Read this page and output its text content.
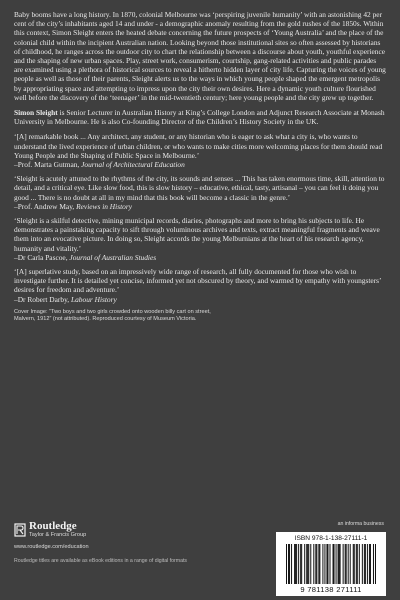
Baby booms have a long history. In 1870, colonial Melbourne was ‘perspiring juvenile humanity’ with an astonishing 42 per cent of the city’s inhabitants aged 14 and under - a demographic anomaly resulting from the gold rushes of the 1850s. Within this context, Simon Sleight enters the heated debate concerning the future prospects of ‘Young Australia’ and the place of the colonial child within the incipient Australian nation. Looking beyond those institutional sites so often assessed by historians of childhood, he ranges across the outdoor city to chart the relationship between a discourse about youth, youthful experience and the shaping of new urban spaces. Play, street work, consumerism, courtship, gang-related activities and public parades are examined using a plethora of historical sources to reveal a hitherto hidden layer of city life. Capturing the voices of young people as well as those of their parents, Sleight alerts us to the ways in which young people shaped the emergent metropolis by appropriating space and attempting to impress upon the city their own desires. Here a dynamic youth culture flourished well before the discovery of the ‘teenager’ in the mid-twentieth century; here young people and the city grew up together.

Simon Sleight is Senior Lecturer in Australian History at King’s College London and Adjunct Research Associate at Monash University in Melbourne. He is also Co-founding Director of the Children’s History Society in the UK.

‘[A] remarkable book ... Any architect, any student, or any historian who is eager to ask what a city is, who wants to understand the lived experience of urban children, or who wants to make cities more welcoming places for them should read Young People and the Shaping of Public Space in Melbourne.’
–Prof. Marta Gutman, Journal of Architectural Education

‘Sleight is acutely attuned to the rhythms of the city, its sounds and senses ... This has taken enormous time, skill, attention to detail, and a critical eye. Like slow food, this is slow history – educative, ethical, tasty, artisanal – you can feel it doing you good ... There is no doubt at all in my mind that this book will become a classic in the genre.’
–Prof. Andrew May, Reviews in History

‘Sleight is a skilful detective, mining municipal records, diaries, photographs and more to bring his subjects to life. He demonstrates a painstaking capacity to sift through voluminous archives and texts, extract meaningful fragments and weave them into an evocative picture. In doing so, Sleight accords the young Melburnians at the heart of his research agency, humanity and vitality.’
–Dr Carla Pascoe, Journal of Australian Studies

‘[A] superlative study, based on an impressively wide range of research, all fully documented for those who wish to investigate further. It is detailed yet concise, informed yet not obscured by theory, and warmed by empathy with youngsters’ desires for freedom and adventure.’
–Dr Robert Darby, Labour History

Cover Image: “Two boys and two girls crowded onto wooden billy cart on street, Malvern, 1912” (not attributed). Reproduced courtesy of Museum Victoria.

Routledge
Taylor & Francis Group
www.routledge.com/education
Routledge titles are available as eBook editions in a range of digital formats
an informa business
ISBN 978-1-138-27111-1
9 781138 271111
